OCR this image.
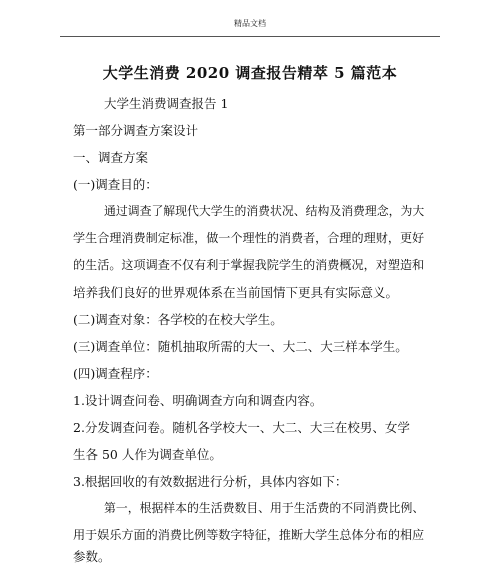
精品文档
大学生消费 2020 调查报告精萃 5 篇范本
大学生消费调查报告 1
第一部分调查方案设计
一、调查方案
(一)调查目的：
通过调查了解现代大学生的消费状况、结构及消费理念，为大
学生合理消费制定标准，做一个理性的消费者，合理的理财，更好
的生活。这项调查不仅有利于掌握我院学生的消费概况，对塑造和
培养我们良好的世界观体系在当前国情下更具有实际意义。
(二)调查对象：各学校的在校大学生。
(三)调查单位：随机抽取所需的大一、大二、大三样本学生。
(四)调查程序：
1.设计调查问卷、明确调查方向和调查内容。
2.分发调查问卷。随机各学校大一、大二、大三在校男、女学
生各 50 人作为调查单位。
3.根据回收的有效数据进行分析，具体内容如下：
第一，根据样本的生活费数目、用于生活费的不同消费比例、
用于娱乐方面的消费比例等数字特征，推断大学生总体分布的相应
参数。
